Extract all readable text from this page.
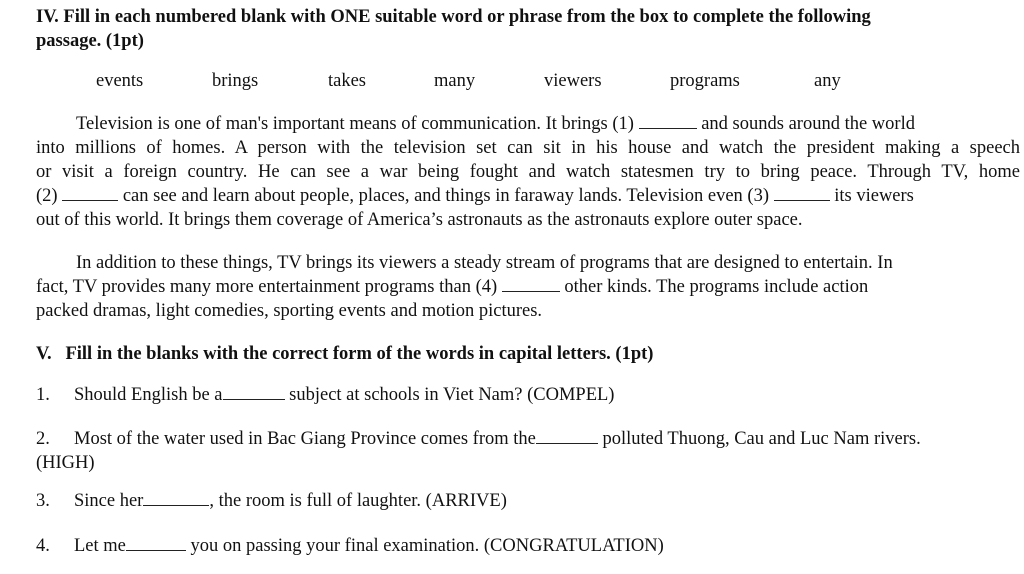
IV. Fill in each numbered blank with ONE suitable word or phrase from the box to complete the following
passage. (1pt)
events	brings	takes	many	viewers	programs	any
Television is one of man's important means of communication. It brings (1)	and sounds around the world
into millions of homes. A person with the television set can sit in his house and watch the president making a speech
or visit a foreign country. He can see a war being fought and watch statesmen try to bring peace. Through TV, home
(2)	can see and learn about people, places, and things in faraway lands. Television even (3)	its viewers
out of this world. It brings them coverage of America’s astronauts as the astronauts explore outer space.
In addition to these things, TV brings its viewers a steady stream of programs that are designed to entertain. In
fact, TV provides many more entertainment programs than (4)	other kinds. The programs include action
packed dramas, light comedies, sporting events and motion pictures.
V.   Fill in the blanks with the correct form of the words in capital letters. (1pt)
1. Should English be a	subject at schools in Viet Nam? (COMPEL)
2. Most of the water used in Bac Giang Province comes from the	polluted Thuong, Cau and Luc Nam rivers.
(HIGH)
3. Since her	, the room is full of laughter. (ARRIVE)
4. Let me	you on passing your final examination. (CONGRATULATION)
